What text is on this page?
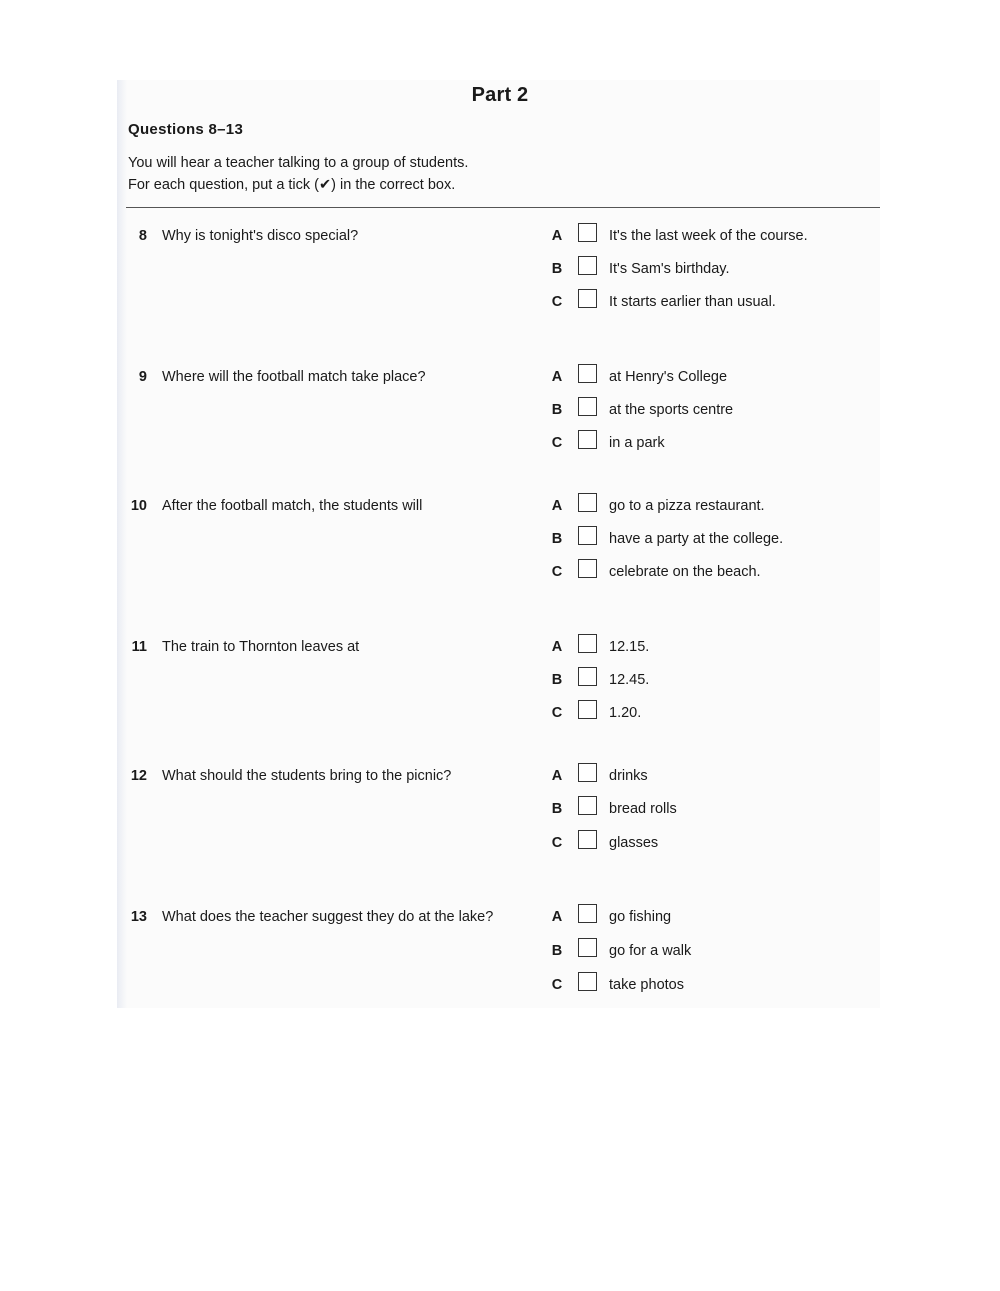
Part 2
Questions 8–13
You will hear a teacher talking to a group of students.
For each question, put a tick (✔) in the correct box.
8 Why is tonight's disco special?	A	It's the last week of the course.
B	It's Sam's birthday.
C	It starts earlier than usual.
9 Where will the football match take place?	A	at Henry's College
B	at the sports centre
C	in a park
10 After the football match, the students will	A	go to a pizza restaurant.
B	have a party at the college.
C	celebrate on the beach.
11 The train to Thornton leaves at	A	12.15.
B	12.45.
C	1.20.
12 What should the students bring to the picnic?	A	drinks
B	bread rolls
C	glasses
13 What does the teacher suggest they do at the lake?	A	go fishing
B	go for a walk
C	take photos
